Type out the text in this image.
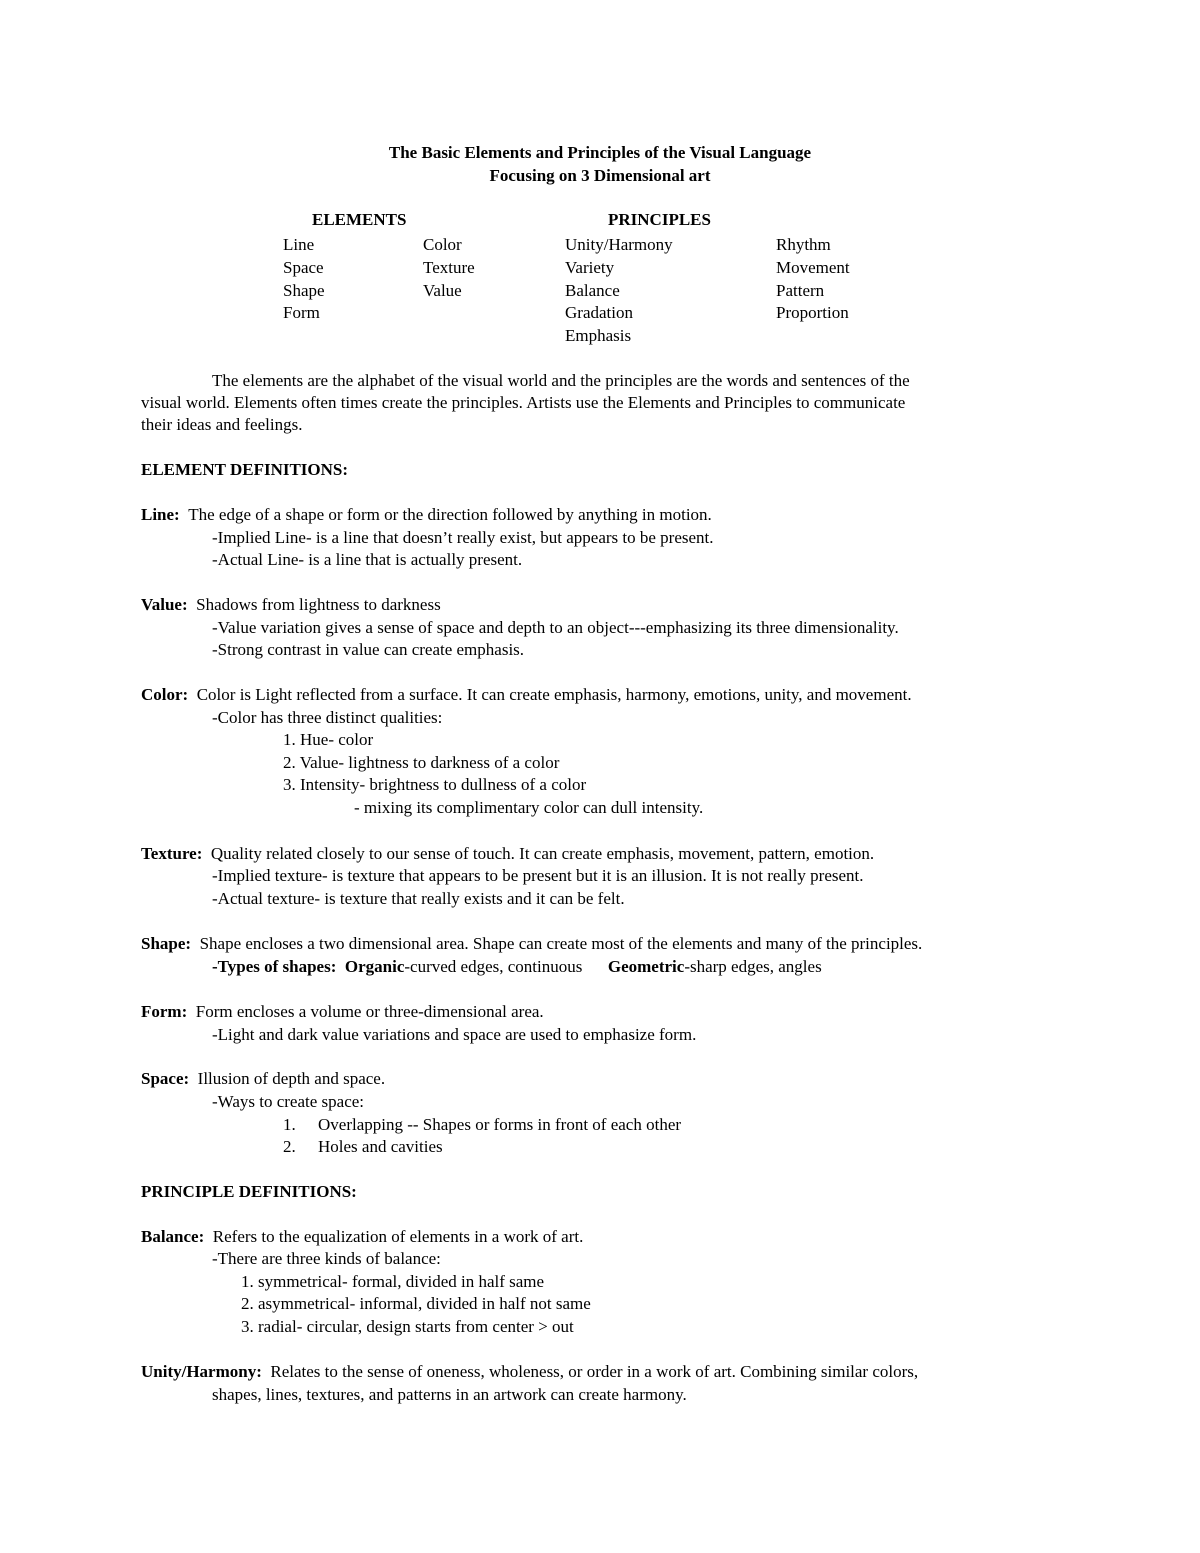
The Basic Elements and Principles of the Visual Language
Focusing on 3 Dimensional art
ELEMENTS	PRINCIPLES
Line
Space
Shape
Form
Color
Texture
Value
Unity/Harmony
Variety
Balance
Gradation
Emphasis
Rhythm
Movement
Pattern
Proportion
The elements are the alphabet of the visual world and the principles are the words and sentences of the
visual world. Elements often times create the principles. Artists use the Elements and Principles to communicate
their ideas and feelings.
ELEMENT DEFINITIONS:
Line: The edge of a shape or form or the direction followed by anything in motion.
-Implied Line- is a line that doesn’t really exist, but appears to be present.
-Actual Line- is a line that is actually present.
Value: Shadows from lightness to darkness
-Value variation gives a sense of space and depth to an object---emphasizing its three dimensionality.
-Strong contrast in value can create emphasis.
Color: Color is Light reflected from a surface. It can create emphasis, harmony, emotions, unity, and movement.
-Color has three distinct qualities:
1. Hue- color
2. Value- lightness to darkness of a color
3. Intensity- brightness to dullness of a color
- mixing its complimentary color can dull intensity.
Texture: Quality related closely to our sense of touch. It can create emphasis, movement, pattern, emotion.
-Implied texture- is texture that appears to be present but it is an illusion. It is not really present.
-Actual texture- is texture that really exists and it can be felt.
Shape: Shape encloses a two dimensional area. Shape can create most of the elements and many of the principles.
-Types of shapes: Organic-curved edges, continuous Geometric-sharp edges, angles
Form: Form encloses a volume or three-dimensional area.
-Light and dark value variations and space are used to emphasize form.
Space: Illusion of depth and space.
-Ways to create space:
1. Overlapping -- Shapes or forms in front of each other
2. Holes and cavities
PRINCIPLE DEFINITIONS:
Balance: Refers to the equalization of elements in a work of art.
-There are three kinds of balance:
1. symmetrical- formal, divided in half same
2. asymmetrical- informal, divided in half not same
3. radial- circular, design starts from center > out
Unity/Harmony: Relates to the sense of oneness, wholeness, or order in a work of art. Combining similar colors,
shapes, lines, textures, and patterns in an artwork can create harmony.
